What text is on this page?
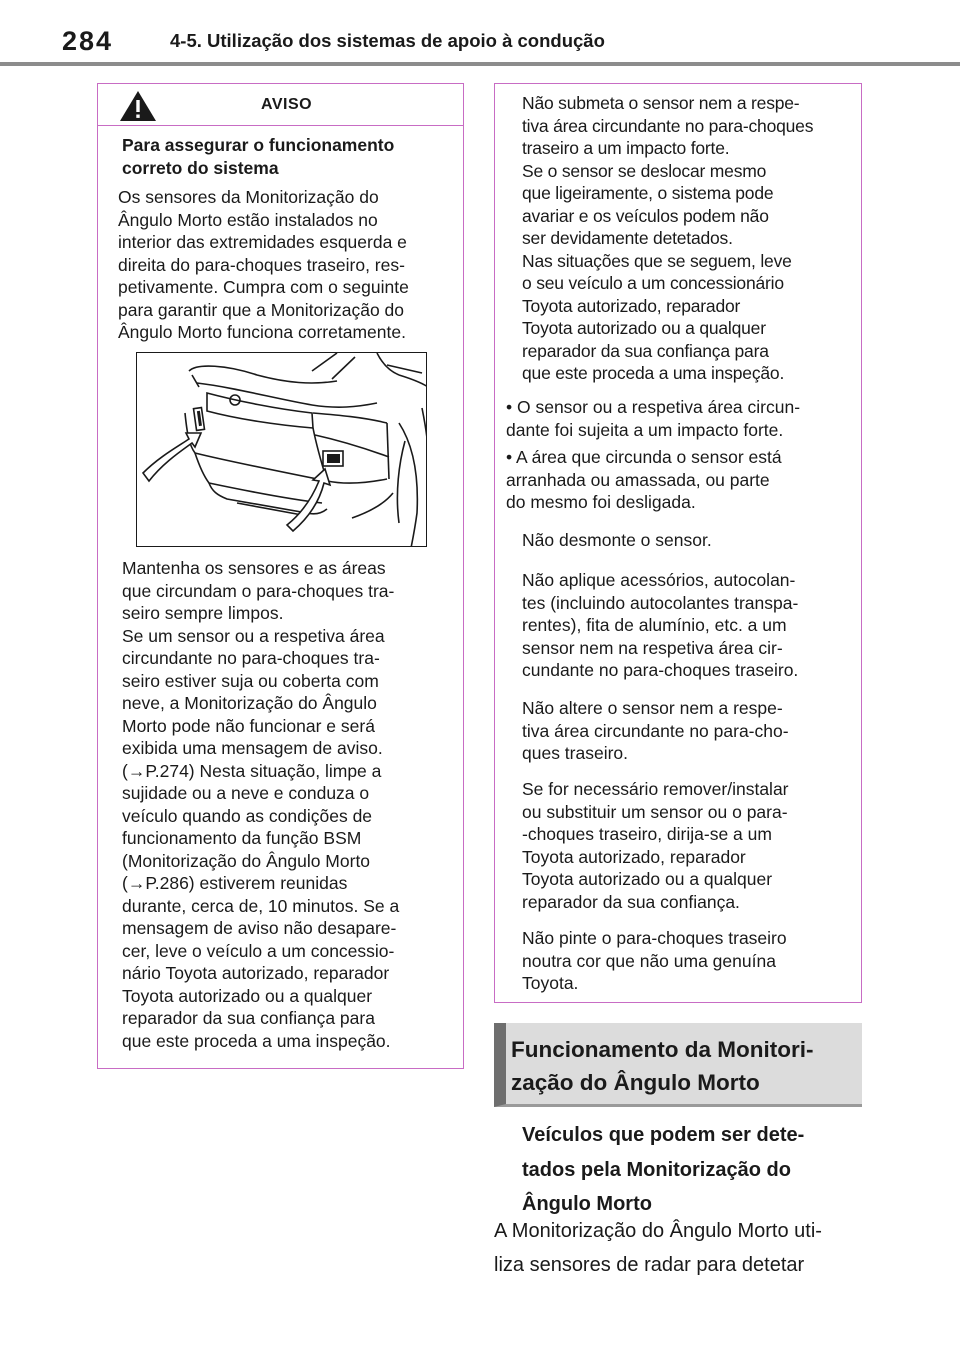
284	4-5. Utilização dos sistemas de apoio à condução
AVISO
Para assegurar o funcionamento
correto do sistema
Os sensores da Monitorização do
Ângulo Morto estão instalados no
interior das extremidades esquerda e
direita do para-choques traseiro, res-
petivamente. Cumpra com o seguinte
para garantir que a Monitorização do
Ângulo Morto funciona corretamente.
Mantenha os sensores e as áreas
que circundam o para-choques tra-
seiro sempre limpos.
Se um sensor ou a respetiva área
circundante no para-choques tra-
seiro estiver suja ou coberta com
neve, a Monitorização do Ângulo
Morto pode não funcionar e será
exibida uma mensagem de aviso.
(→P.274) Nesta situação, limpe a
sujidade ou a neve e conduza o
veículo quando as condições de
funcionamento da função BSM
(Monitorização do Ângulo Morto
(→P.286) estiverem reunidas
durante, cerca de, 10 minutos. Se a
mensagem de aviso não desapare-
cer, leve o veículo a um concessio-
nário Toyota autorizado, reparador
Toyota autorizado ou a qualquer
reparador da sua confiança para
que este proceda a uma inspeção.
Não submeta o sensor nem a respe-
tiva área circundante no para-choques
traseiro a um impacto forte.
Se o sensor se deslocar mesmo
que ligeiramente, o sistema pode
avariar e os veículos podem não
ser devidamente detetados.
Nas situações que se seguem, leve
o seu veículo a um concessionário
Toyota autorizado, reparador
Toyota autorizado ou a qualquer
reparador da sua confiança para
que este proceda a uma inspeção.
• O sensor ou a respetiva área circun-
dante foi sujeita a um impacto forte.
• A área que circunda o sensor está
arranhada ou amassada, ou parte
do mesmo foi desligada.
Não desmonte o sensor.
Não aplique acessórios, autocolan-
tes (incluindo autocolantes transpa-
rentes), fita de alumínio, etc. a um
sensor nem na respetiva área cir-
cundante no para-choques traseiro.
Não altere o sensor nem a respe-
tiva área circundante no para-cho-
ques traseiro.
Se for necessário remover/instalar
ou substituir um sensor ou o para-
-choques traseiro, dirija-se a um
Toyota autorizado, reparador
Toyota autorizado ou a qualquer
reparador da sua confiança.
Não pinte o para-choques traseiro
noutra cor que não uma genuína
Toyota.
Funcionamento da Monitori-
zação do Ângulo Morto
Veículos que podem ser dete-
tados pela Monitorização do
Ângulo Morto
A Monitorização do Ângulo Morto uti-
liza sensores de radar para detetar
